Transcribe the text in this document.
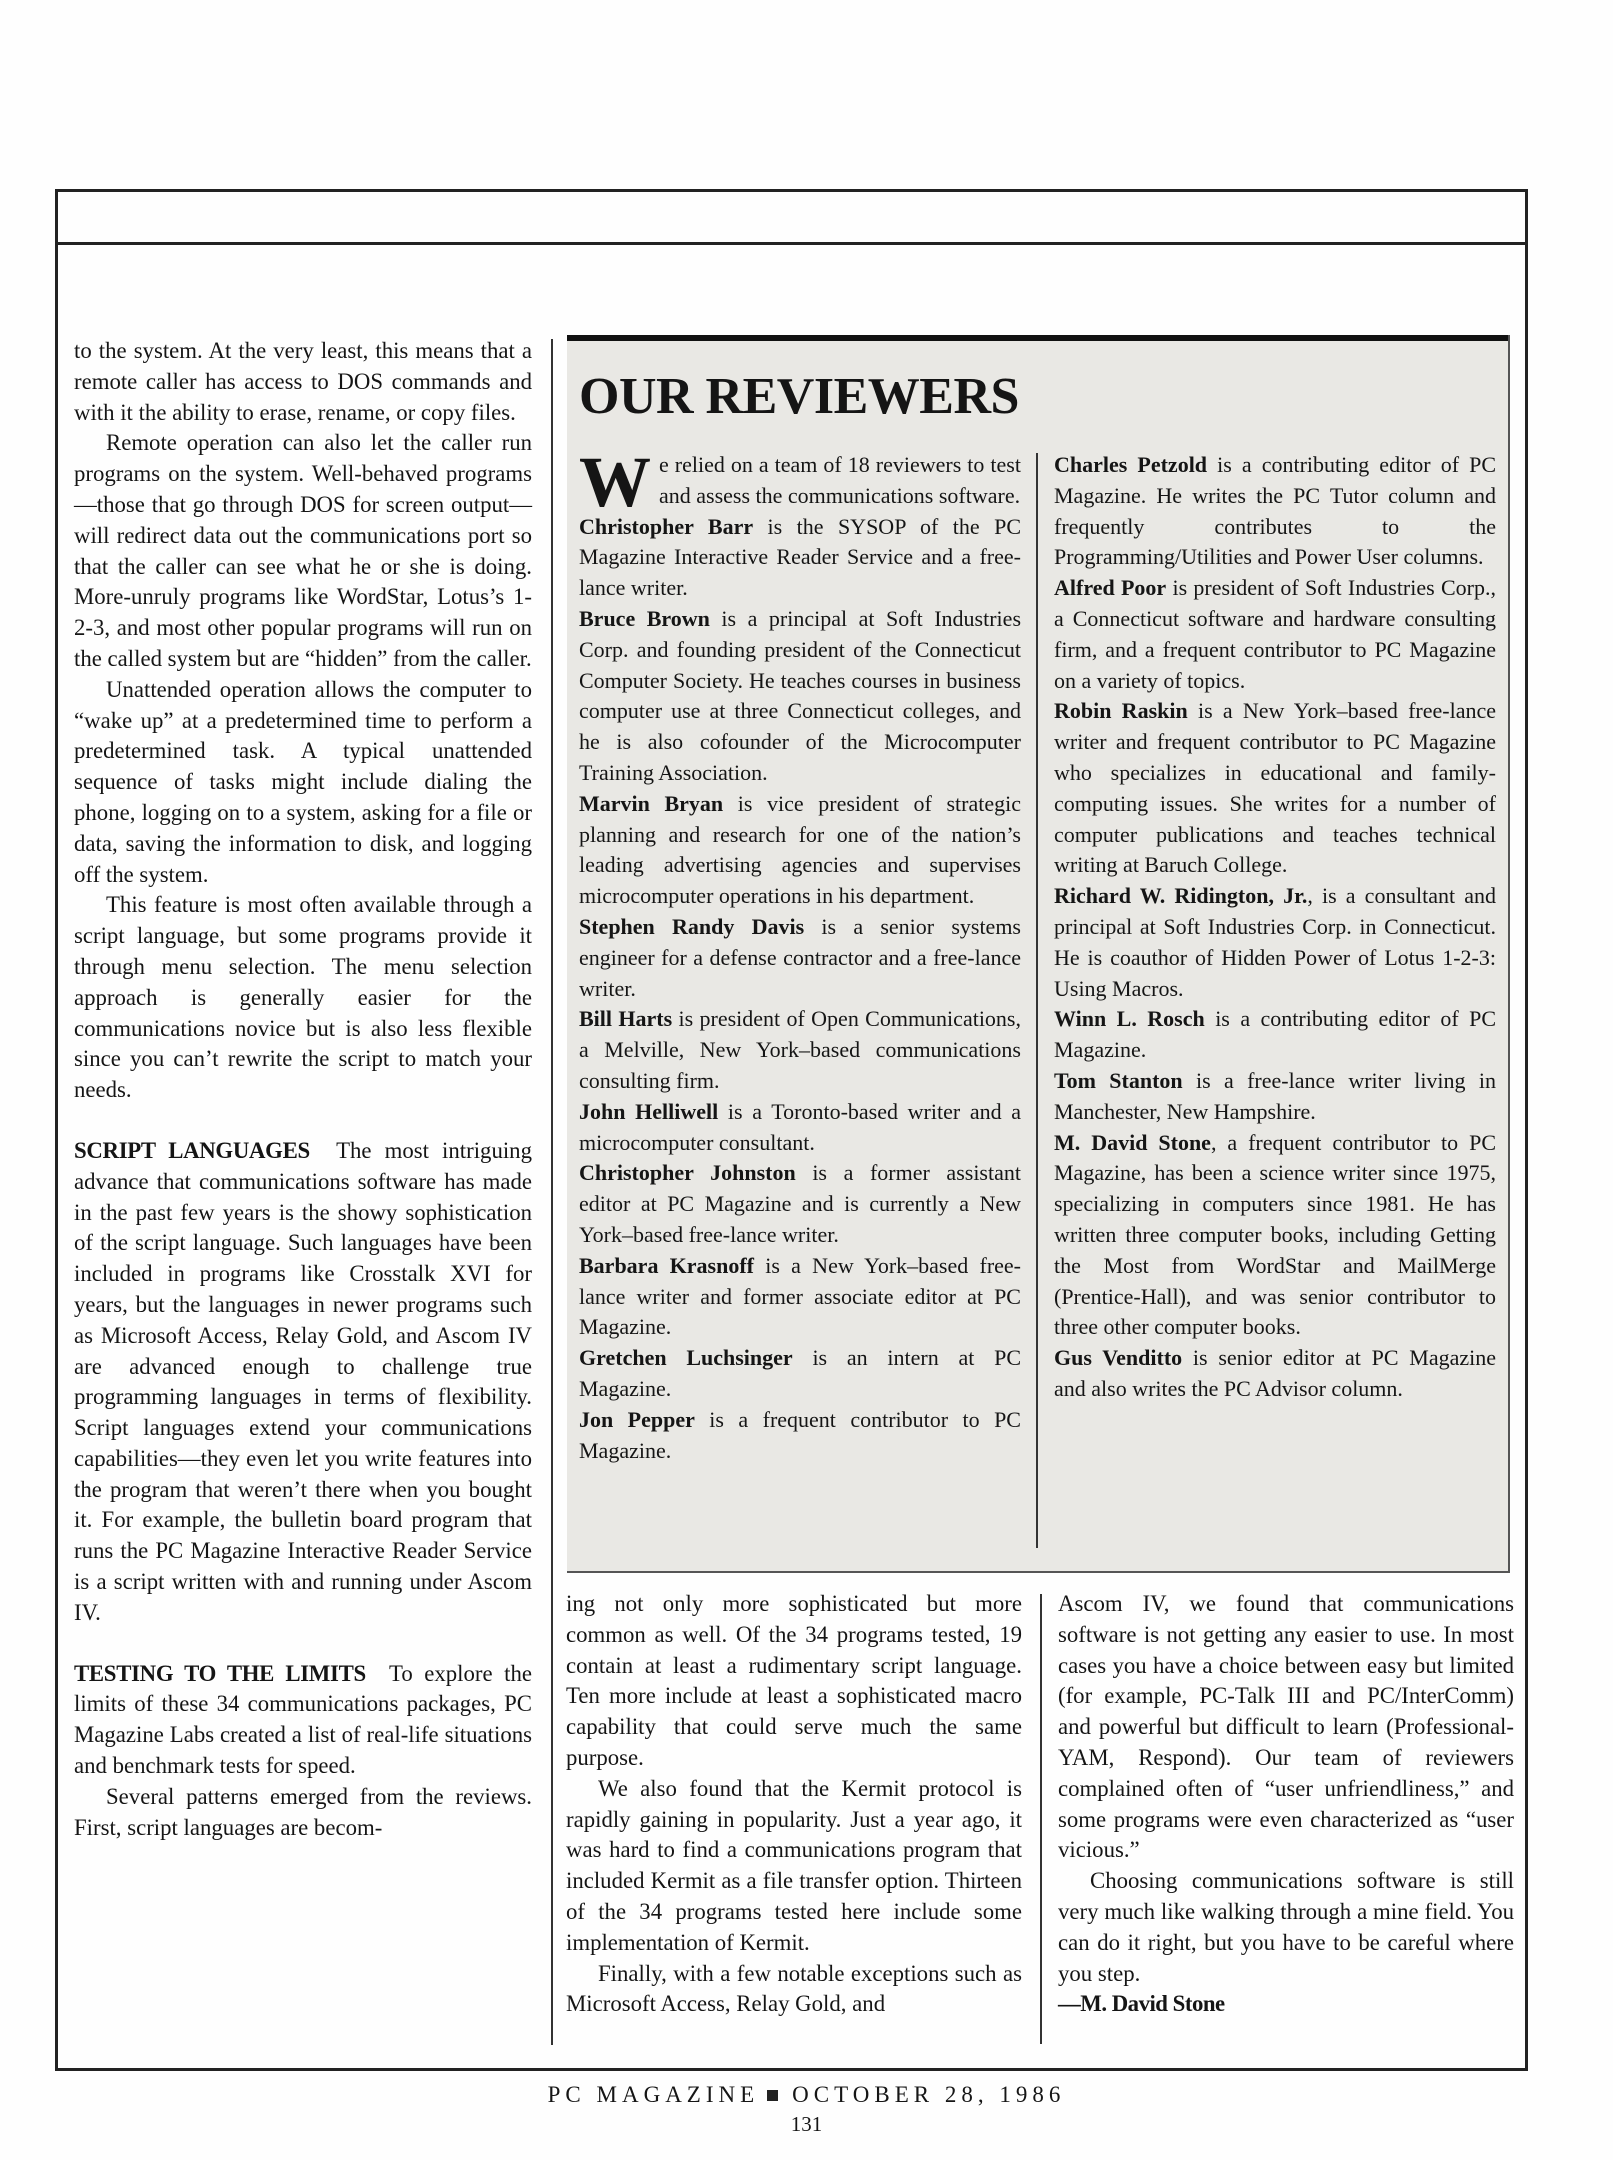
to the system. At the very least, this means that a remote caller has access to DOS commands and with it the ability to erase, rename, or copy files.

Remote operation can also let the caller run programs on the system. Well-behaved programs—those that go through DOS for screen output—will redirect data out the communications port so that the caller can see what he or she is doing. More-unruly programs like WordStar, Lotus’s 1-2-3, and most other popular programs will run on the called system but are “hidden” from the caller.

Unattended operation allows the computer to “wake up” at a predetermined time to perform a predetermined task. A typical unattended sequence of tasks might include dialing the phone, logging on to a system, asking for a file or data, saving the information to disk, and logging off the system.

This feature is most often available through a script language, but some programs provide it through menu selection. The menu selection approach is generally easier for the communications novice but is also less flexible since you can’t rewrite the script to match your needs.

SCRIPT LANGUAGES The most intriguing advance that communications software has made in the past few years is the showy sophistication of the script language. Such languages have been included in programs like Crosstalk XVI for years, but the languages in newer programs such as Microsoft Access, Relay Gold, and Ascom IV are advanced enough to challenge true programming languages in terms of flexibility. Script languages extend your communications capabilities—they even let you write features into the program that weren’t there when you bought it. For example, the bulletin board program that runs the PC Magazine Interactive Reader Service is a script written with and running under Ascom IV.

TESTING TO THE LIMITS To explore the limits of these 34 communications packages, PC Magazine Labs created a list of real-life situations and benchmark tests for speed.

Several patterns emerged from the reviews. First, script languages are becom-

OUR REVIEWERS

We relied on a team of 18 reviewers to test and assess the communications software.

Christopher Barr is the SYSOP of the PC Magazine Interactive Reader Service and a free-lance writer.

Bruce Brown is a principal at Soft Industries Corp. and founding president of the Connecticut Computer Society. He teaches courses in business computer use at three Connecticut colleges, and he is also cofounder of the Microcomputer Training Association.

Marvin Bryan is vice president of strategic planning and research for one of the nation’s leading advertising agencies and supervises microcomputer operations in his department.

Stephen Randy Davis is a senior systems engineer for a defense contractor and a free-lance writer.

Bill Harts is president of Open Communications, a Melville, New York–based communications consulting firm.

John Helliwell is a Toronto-based writer and a microcomputer consultant.

Christopher Johnston is a former assistant editor at PC Magazine and is currently a New York–based free-lance writer.

Barbara Krasnoff is a New York–based free-lance writer and former associate editor at PC Magazine.

Gretchen Luchsinger is an intern at PC Magazine.

Jon Pepper is a frequent contributor to PC Magazine.

Charles Petzold is a contributing editor of PC Magazine. He writes the PC Tutor column and frequently contributes to the Programming/Utilities and Power User columns.

Alfred Poor is president of Soft Industries Corp., a Connecticut software and hardware consulting firm, and a frequent contributor to PC Magazine on a variety of topics.

Robin Raskin is a New York–based free-lance writer and frequent contributor to PC Magazine who specializes in educational and family-computing issues. She writes for a number of computer publications and teaches technical writing at Baruch College.

Richard W. Ridington, Jr., is a consultant and principal at Soft Industries Corp. in Connecticut. He is coauthor of Hidden Power of Lotus 1-2-3: Using Macros.

Winn L. Rosch is a contributing editor of PC Magazine.

Tom Stanton is a free-lance writer living in Manchester, New Hampshire.

M. David Stone, a frequent contributor to PC Magazine, has been a science writer since 1975, specializing in computers since 1981. He has written three computer books, including Getting the Most from WordStar and MailMerge (Prentice-Hall), and was senior contributor to three other computer books.

Gus Venditto is senior editor at PC Magazine and also writes the PC Advisor column.

ing not only more sophisticated but more common as well. Of the 34 programs tested, 19 contain at least a rudimentary script language. Ten more include at least a sophisticated macro capability that could serve much the same purpose.

We also found that the Kermit protocol is rapidly gaining in popularity. Just a year ago, it was hard to find a communications program that included Kermit as a file transfer option. Thirteen of the 34 programs tested here include some implementation of Kermit.

Finally, with a few notable exceptions such as Microsoft Access, Relay Gold, and

Ascom IV, we found that communications software is not getting any easier to use. In most cases you have a choice between easy but limited (for example, PC-Talk III and PC/InterComm) and powerful but difficult to learn (Professional-YAM, Respond). Our team of reviewers complained often of “user unfriendliness,” and some programs were even characterized as “user vicious.”

Choosing communications software is still very much like walking through a mine field. You can do it right, but you have to be careful where you step.

—M. David Stone

PC MAGAZINE OCTOBER 28, 1986

131
